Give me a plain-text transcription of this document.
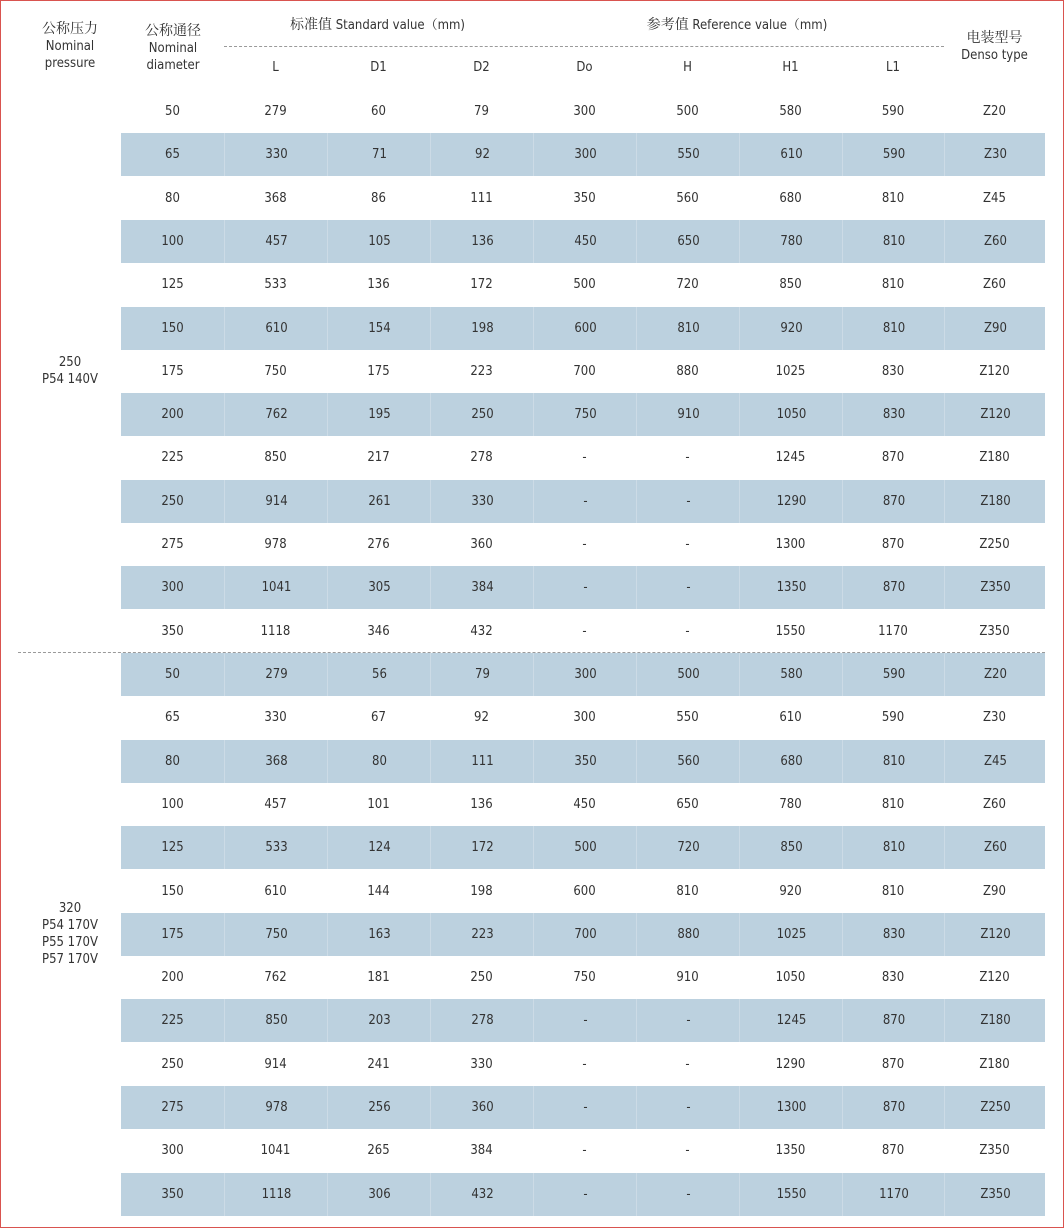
公称压力
Nominal
pressure
公称通径
Nominal
diameter
标准值 Standard value（mm)	参考值 Reference value（mm)
电装型号
Denso type
L	D1	D2	Do	H	H1	L1
50	279	60	79	300	500	580	590	Z20
65	330	71	92	300	550	610	590	Z30
80	368	86	111	350	560	680	810	Z45
100	457	105	136	450	650	780	810	Z60
125	533	136	172	500	720	850	810	Z60
150	610	154	198	600	810	920	810	Z90
175	750	175	223	700	880	1025	830	Z120
200	762	195	250	750	910	1050	830	Z120
225	850	217	278	-	-	1245	870	Z180
250	914	261	330	-	-	1290	870	Z180
275	978	276	360	-	-	1300	870	Z250
300	1041	305	384	-	-	1350	870	Z350
350	1118	346	432	-	-	1550	1170	Z350
250
P54 140V
50	279	56	79	300	500	580	590	Z20
65	330	67	92	300	550	610	590	Z30
80	368	80	111	350	560	680	810	Z45
100	457	101	136	450	650	780	810	Z60
125	533	124	172	500	720	850	810	Z60
150	610	144	198	600	810	920	810	Z90
175	750	163	223	700	880	1025	830	Z120
200	762	181	250	750	910	1050	830	Z120
225	850	203	278	-	-	1245	870	Z180
250	914	241	330	-	-	1290	870	Z180
275	978	256	360	-	-	1300	870	Z250
300	1041	265	384	-	-	1350	870	Z350
350	1118	306	432	-	-	1550	1170	Z350
320
P54 170V
P55 170V
P57 170V
